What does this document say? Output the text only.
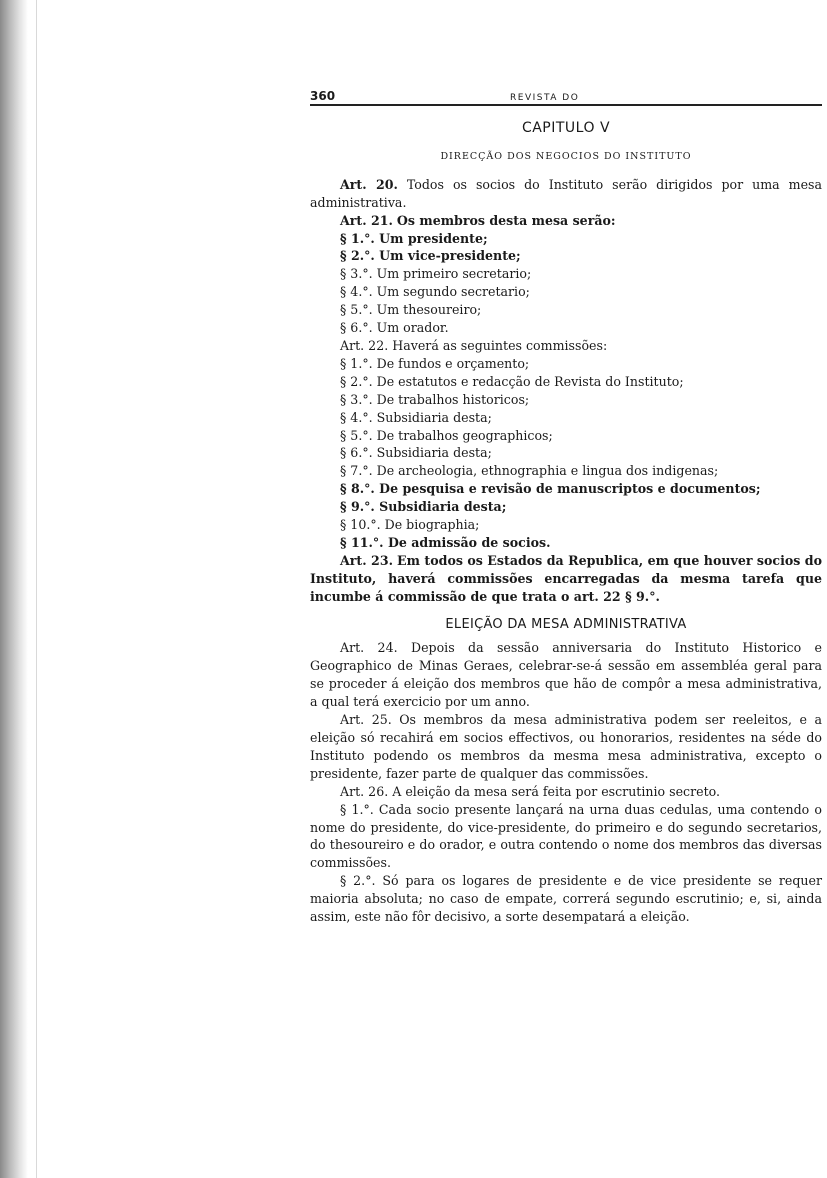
360	REVISTA DO
CAPITULO V
DIRECÇÃO DOS NEGOCIOS DO INSTITUTO

Art. 20. Todos os socios do Instituto serão dirigidos por uma mesa administrativa.

Art. 21. Os membros desta mesa serão:

§ 1.°. Um presidente;
§ 2.°. Um vice-presidente;
§ 3.°. Um primeiro secretario;
§ 4.°. Um segundo secretario;
§ 5.°. Um thesoureiro;
§ 6.°. Um orador.

Art. 22. Haverá as seguintes commissões:

§ 1.°. De fundos e orçamento;
§ 2.°. De estatutos e redacção de Revista do Instituto;
§ 3.°. De trabalhos historicos;
§ 4.°. Subsidiaria desta;
§ 5.°. De trabalhos geographicos;
§ 6.°. Subsidiaria desta;
§ 7.°. De archeologia, ethnographia e lingua dos indigenas;
§ 8.°. De pesquisa e revisão de manuscriptos e documentos;
§ 9.°. Subsidiaria desta;
§ 10.°. De biographia;
§ 11.°. De admissão de socios.

Art. 23. Em todos os Estados da Republica, em que houver socios do Instituto, haverá commissões encarregadas da mesma tarefa que incumbe á commissão de que trata o art. 22 § 9.°.

ELEIÇÃO DA MESA ADMINISTRATIVA

Art. 24. Depois da sessão anniversaria do Instituto Historico e Geographico de Minas Geraes, celebrar-se-á sessão em assembléa geral para se proceder á eleição dos membros que hão de compôr a mesa administrativa, a qual terá exercicio por um anno.

Art. 25. Os membros da mesa administrativa podem ser reeleitos, e a eleição só recahirá em socios effectivos, ou honorarios, residentes na séde do Instituto podendo os membros da mesma mesa administrativa, excepto o presidente, fazer parte de qualquer das commissões.

Art. 26. A eleição da mesa será feita por escrutinio secreto.

§ 1.°. Cada socio presente lançará na urna duas cedulas, uma contendo o nome do presidente, do vice-presidente, do primeiro e do segundo secretarios, do thesoureiro e do orador, e outra contendo o nome dos membros das diversas commissões.

§ 2.°. Só para os logares de presidente e de vice presidente se requer maioria absoluta; no caso de empate, correrá segundo escrutinio; e, si, ainda assim, este não fôr decisivo, a sorte desempatará a eleição.
